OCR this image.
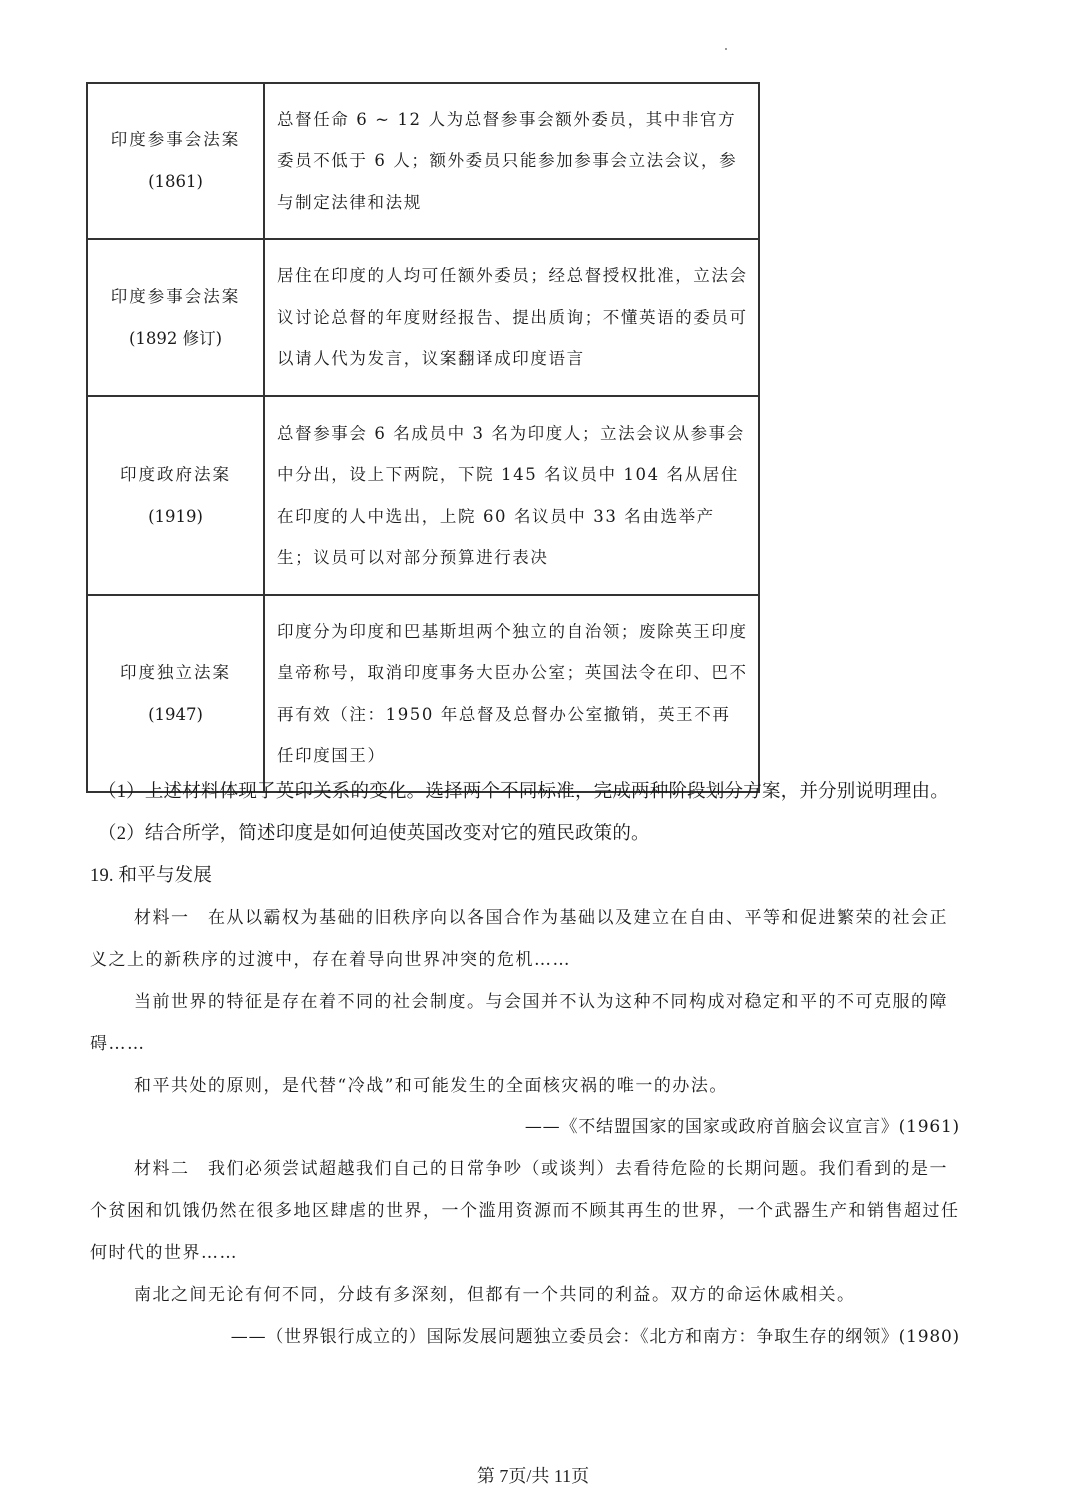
印度参事会法案
(1861)	总督任命 6 ~ 12 人为总督参事会额外委员，其中非官方委员不低于 6 人；额外委员只能参加参事会立法会议，参与制定法律和法规

印度参事会法案
(1892 修订)	居住在印度的人均可任额外委员；经总督授权批准，立法会议讨论总督的年度财经报告、提出质询；不懂英语的委员可以请人代为发言，议案翻译成印度语言

印度政府法案
(1919)	总督参事会 6 名成员中 3 名为印度人；立法会议从参事会中分出，设上下两院，下院 145 名议员中 104 名从居住在印度的人中选出，上院 60 名议员中 33 名由选举产生；议员可以对部分预算进行表决

印度独立法案
(1947)	印度分为印度和巴基斯坦两个独立的自治领；废除英王印度皇帝称号，取消印度事务大臣办公室；英国法令在印、巴不再有效（注：1950 年总督及总督办公室撤销，英王不再任印度国王）
（1）上述材料体现了英印关系的变化。选择两个不同标准，完成两种阶段划分方案，并分别说明理由。
（2）结合所学，简述印度是如何迫使英国改变对它的殖民政策的。
19. 和平与发展
材料一　在从以霸权为基础的旧秩序向以各国合作为基础以及建立在自由、平等和促进繁荣的社会正义之上的新秩序的过渡中，存在着导向世界冲突的危机……
当前世界的特征是存在着不同的社会制度。与会国并不认为这种不同构成对稳定和平的不可克服的障碍……
和平共处的原则，是代替“冷战”和可能发生的全面核灾祸的唯一的办法。
——《不结盟国家的国家或政府首脑会议宣言》(1961)
材料二　我们必须尝试超越我们自己的日常争吵（或谈判）去看待危险的长期问题。我们看到的是一个贫困和饥饿仍然在很多地区肆虐的世界，一个滥用资源而不顾其再生的世界，一个武器生产和销售超过任何时代的世界……
南北之间无论有何不同，分歧有多深刻，但都有一个共同的利益。双方的命运休戚相关。
——（世界银行成立的）国际发展问题独立委员会：《北方和南方：争取生存的纲领》(1980)
第 7页/共 11页
